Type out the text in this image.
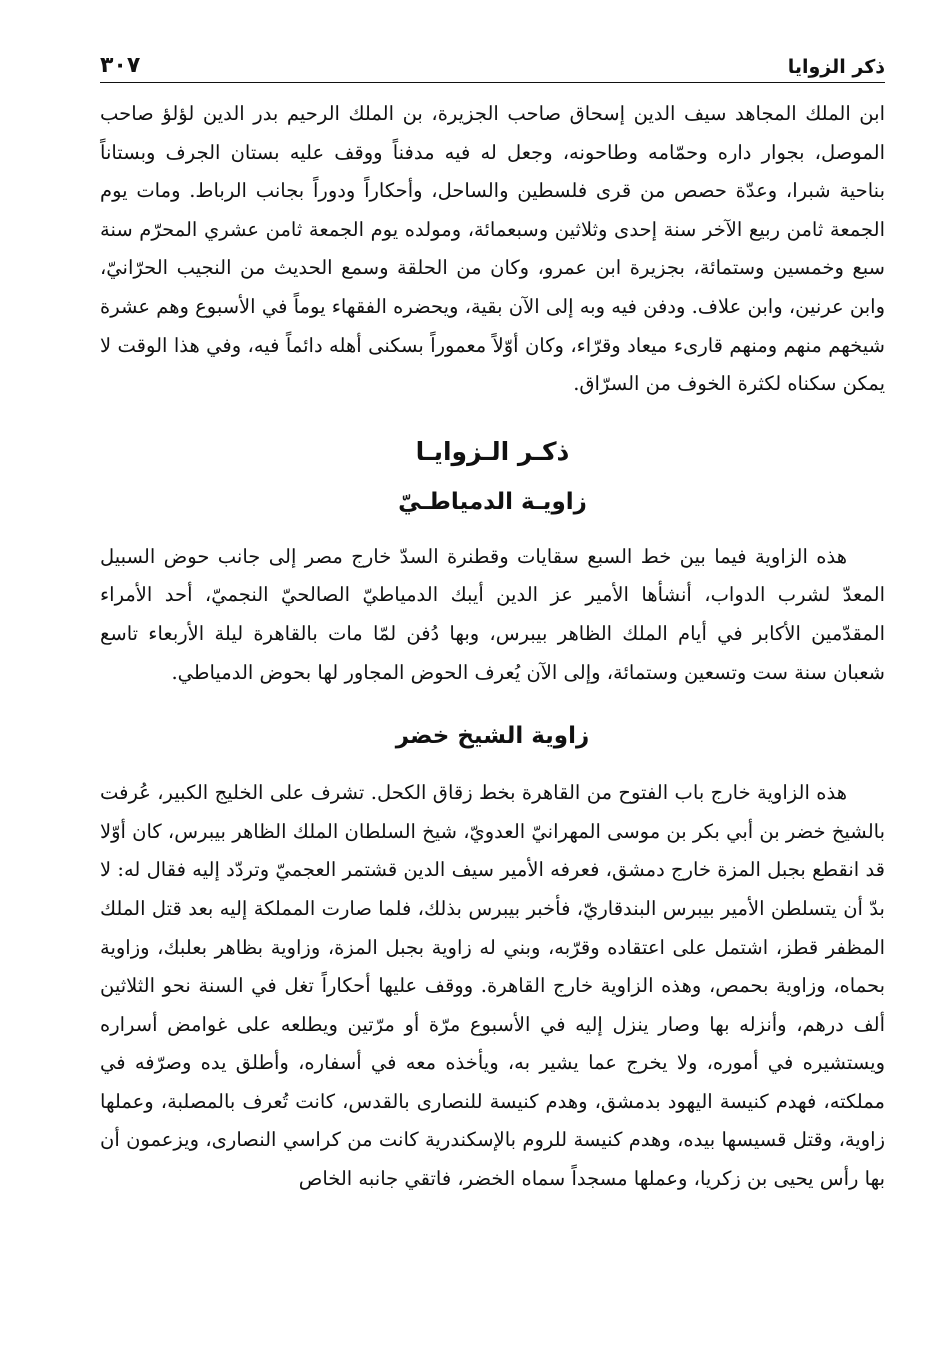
ذكر الزوايا
٣٠٧

ابن الملك المجاهد سيف الدين إسحاق صاحب الجزيرة، بن الملك الرحيم بدر الدين لؤلؤ صاحب الموصل، بجوار داره وحمّامه وطاحونه، وجعل له فيه مدفناً ووقف عليه بستان الجرف وبستاناً بناحية شبرا، وعدّة حصص من قرى فلسطين والساحل، وأحكاراً ودوراً بجانب الرباط. ومات يوم الجمعة ثامن ربيع الآخر سنة إحدى وثلاثين وسبعمائة، ومولده يوم الجمعة ثامن عشري المحرّم سنة سبع وخمسين وستمائة، بجزيرة ابن عمرو، وكان من الحلقة وسمع الحديث من النجيب الحرّانيّ، وابن عرنين، وابن علاف. ودفن فيه وبه إلى الآن بقية، ويحضره الفقهاء يوماً في الأسبوع وهم عشرة شيخهم منهم ومنهم قارىء ميعاد وقرّاء، وكان أوّلاً معموراً بسكنى أهله دائماً فيه، وفي هذا الوقت لا يمكن سكناه لكثرة الخوف من السرّاق.

ذكـر الـزوايـا
زاويـة الدمياطـيّ

هذه الزاوية فيما بين خط السبع سقايات وقطنرة السدّ خارج مصر إلى جانب حوض السبيل المعدّ لشرب الدواب، أنشأها الأمير عز الدين أيبك الدمياطيّ الصالحيّ النجميّ، أحد الأمراء المقدّمين الأكابر في أيام الملك الظاهر بيبرس، وبها دُفن لمّا مات بالقاهرة ليلة الأربعاء تاسع شعبان سنة ست وتسعين وستمائة، وإلى الآن يُعرف الحوض المجاور لها بحوض الدمياطي.

زاوية الشيخ خضر

هذه الزاوية خارج باب الفتوح من القاهرة بخط زقاق الكحل. تشرف على الخليج الكبير، عُرفت بالشيخ خضر بن أبي بكر بن موسى المهرانيّ العدويّ، شيخ السلطان الملك الظاهر بيبرس، كان أوّلا قد انقطع بجبل المزة خارج دمشق، فعرفه الأمير سيف الدين قشتمر العجميّ وتردّد إليه فقال له: لا بدّ أن يتسلطن الأمير بيبرس البندقاريّ، فأخبر بيبرس بذلك، فلما صارت المملكة إليه بعد قتل الملك المظفر قطز، اشتمل على اعتقاده وقرّبه، وبني له زاوية بجبل المزة، وزاوية بظاهر بعلبك، وزاوية بحماه، وزاوية بحمص، وهذه الزاوية خارج القاهرة. ووقف عليها أحكاراً تغل في السنة نحو الثلاثين ألف درهم، وأنزله بها وصار ينزل إليه في الأسبوع مرّة أو مرّتين ويطلعه على غوامض أسراره ويستشيره في أموره، ولا يخرج عما يشير به، ويأخذه معه في أسفاره، وأطلق يده وصرّفه في مملكته، فهدم كنيسة اليهود بدمشق، وهدم كنيسة للنصارى بالقدس، كانت تُعرف بالمصلبة، وعملها زاوية، وقتل قسيسها بيده، وهدم كنيسة للروم بالإسكندرية كانت من كراسي النصارى، ويزعمون أن بها رأس يحيى بن زكريا، وعملها مسجداً سماه الخضر، فاتقي جانبه الخاص
